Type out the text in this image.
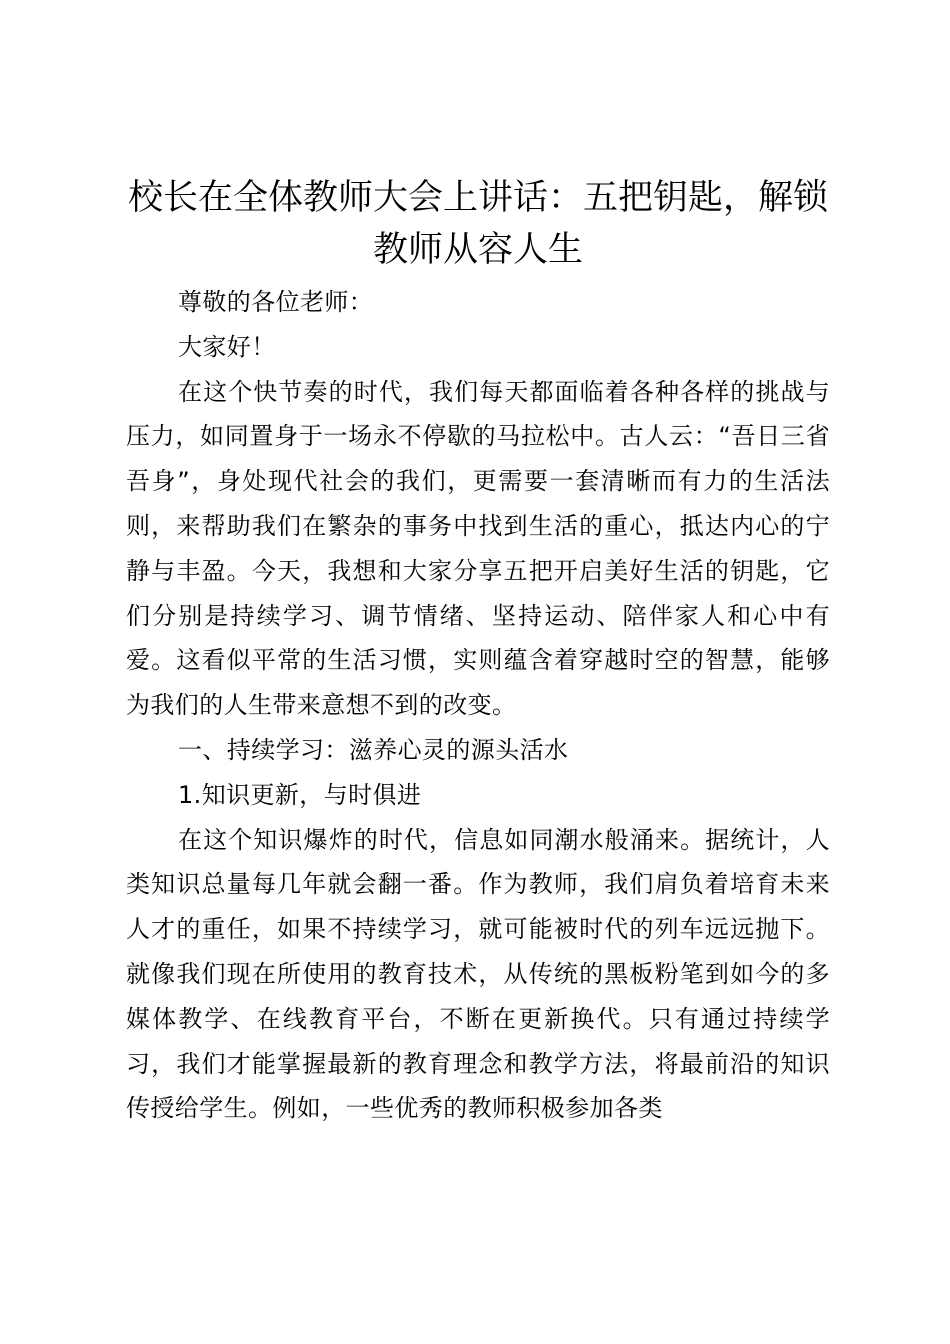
校长在全体教师大会上讲话：五把钥匙，解锁教师从容人生

尊敬的各位老师：

大家好！

在这个快节奏的时代，我们每天都面临着各种各样的挑战与压力，如同置身于一场永不停歇的马拉松中。古人云：“吾日三省吾身”，身处现代社会的我们，更需要一套清晰而有力的生活法则，来帮助我们在繁杂的事务中找到生活的重心，抵达内心的宁静与丰盈。今天，我想和大家分享五把开启美好生活的钥匙，它们分别是持续学习、调节情绪、坚持运动、陪伴家人和心中有爱。这看似平常的生活习惯，实则蕴含着穿越时空的智慧，能够为我们的人生带来意想不到的改变。

一、持续学习：滋养心灵的源头活水

1.知识更新，与时俱进

在这个知识爆炸的时代，信息如同潮水般涌来。据统计，人类知识总量每几年就会翻一番。作为教师，我们肩负着培育未来人才的重任，如果不持续学习，就可能被时代的列车远远抛下。就像我们现在所使用的教育技术，从传统的黑板粉笔到如今的多媒体教学、在线教育平台，不断在更新换代。只有通过持续学习，我们才能掌握最新的教育理念和教学方法，将最前沿的知识传授给学生。例如，一些优秀的教师积极参加各类
